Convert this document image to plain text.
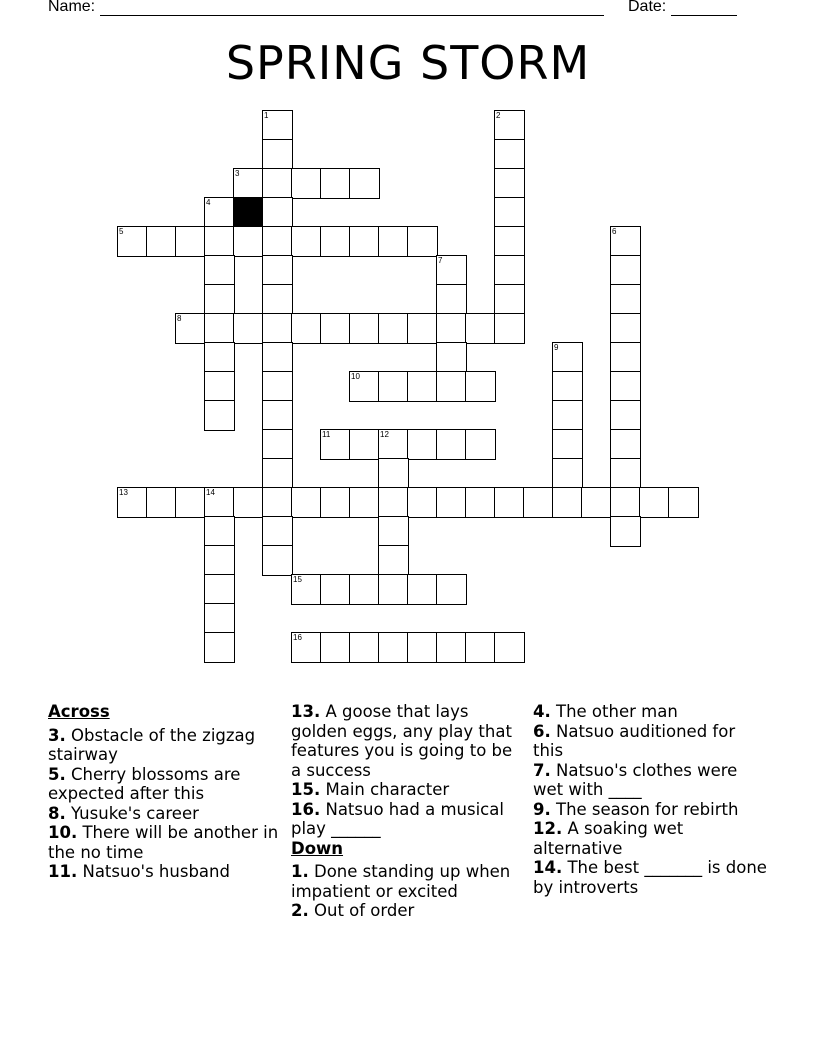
Name:	Date:
SPRING STORM
1	2
3
4
5	6
7
8
9
10
11	12
13	14
15
16
Across
3. Obstacle of the zigzag stairway
5. Cherry blossoms are expected after this
8. Yusuke's career
10. There will be another in the no time
11. Natsuo's husband
13. A goose that lays golden eggs, any play that features you is going to be a success
15. Main character
16. Natsuo had a musical play ______
Down
1. Done standing up when impatient or excited
2. Out of order
4. The other man
6. Natsuo auditioned for this
7. Natsuo's clothes were wet with ____
9. The season for rebirth
12. A soaking wet alternative
14. The best _______ is done by introverts
